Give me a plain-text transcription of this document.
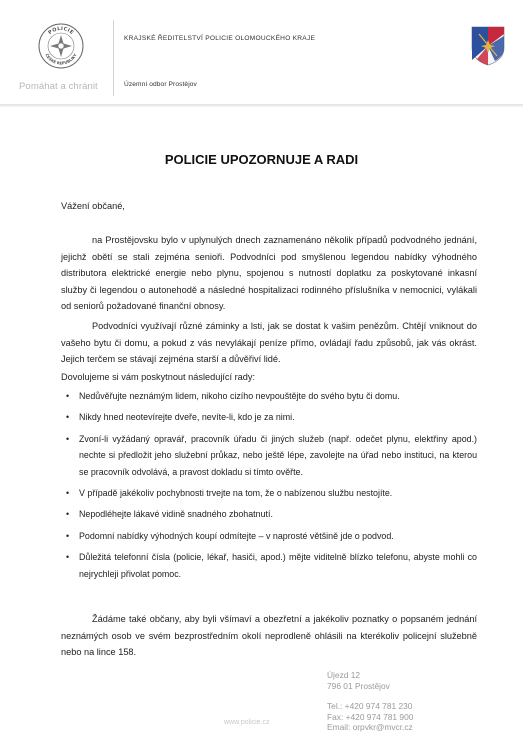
POLICIE
ČESKÉ REPUBLIKY
Pomáhat a chránit
KRAJSKÉ ŘEDITELSTVÍ POLICIE OLOMOUCKÉHO KRAJE
Územní odbor Prostějov
POLICIE UPOZORNUJE A RADI
Vážení občané,

na Prostějovsku bylo v uplynulých dnech zaznamenáno několik případů podvodného jednání, jejichž obětí se stali zejména senioři. Podvodníci pod smyšlenou legendou nabídky výhodného distributora elektrické energie nebo plynu, spojenou s nutností doplatku za poskytované inkasní služby či legendou o autonehodě a následné hospitalizaci rodinného příslušníka v nemocnici, vylákali od seniorů požadované finanční obnosy.

Podvodníci využívají různé záminky a lsti, jak se dostat k vašim penězům. Chtějí vniknout do vašeho bytu či domu, a pokud z vás nevylákají peníze přímo, ovládají řadu způsobů, jak vás okrást. Jejich terčem se stávají zejména starší a důvěřiví lidé.

Dovolujeme si vám poskytnout následující rady:
• Nedůvěřujte neznámým lidem, nikoho cizího nevpouštějte do svého bytu či domu.
• Nikdy hned neotevírejte dveře, nevíte-li, kdo je za nimi.
• Zvoní-li vyžádaný opravář, pracovník úřadu či jiných služeb (např. odečet plynu, elektřiny apod.) nechte si předložit jeho služební průkaz, nebo ještě lépe, zavolejte na úřad nebo instituci, na kterou se pracovník odvolává, a pravost dokladu si tímto ověřte.
• V případě jakékoliv pochybnosti trvejte na tom, že o nabízenou službu nestojíte.
• Nepodléhejte lákavé vidině snadného zbohatnutí.
• Podomní nabídky výhodných koupí odmítejte – v naprosté většině jde o podvod.
• Důležitá telefonní čísla (policie, lékař, hasiči, apod.) mějte viditelně blízko telefonu, abyste mohli co nejrychleji přivolat pomoc.

Žádáme také občany, aby byli všímaví a obezřetní a jakékoliv poznatky o popsaném jednání neznámých osob ve svém bezprostředním okolí neprodleně ohlásili na kterékoliv policejní služebně nebo na lince 158.

Újezd 12
796 01 Prostějov
Tel.: +420 974 781 230
Fax: +420 974 781 900
Email: orpvkr@mvcr.cz
www.policie.cz
